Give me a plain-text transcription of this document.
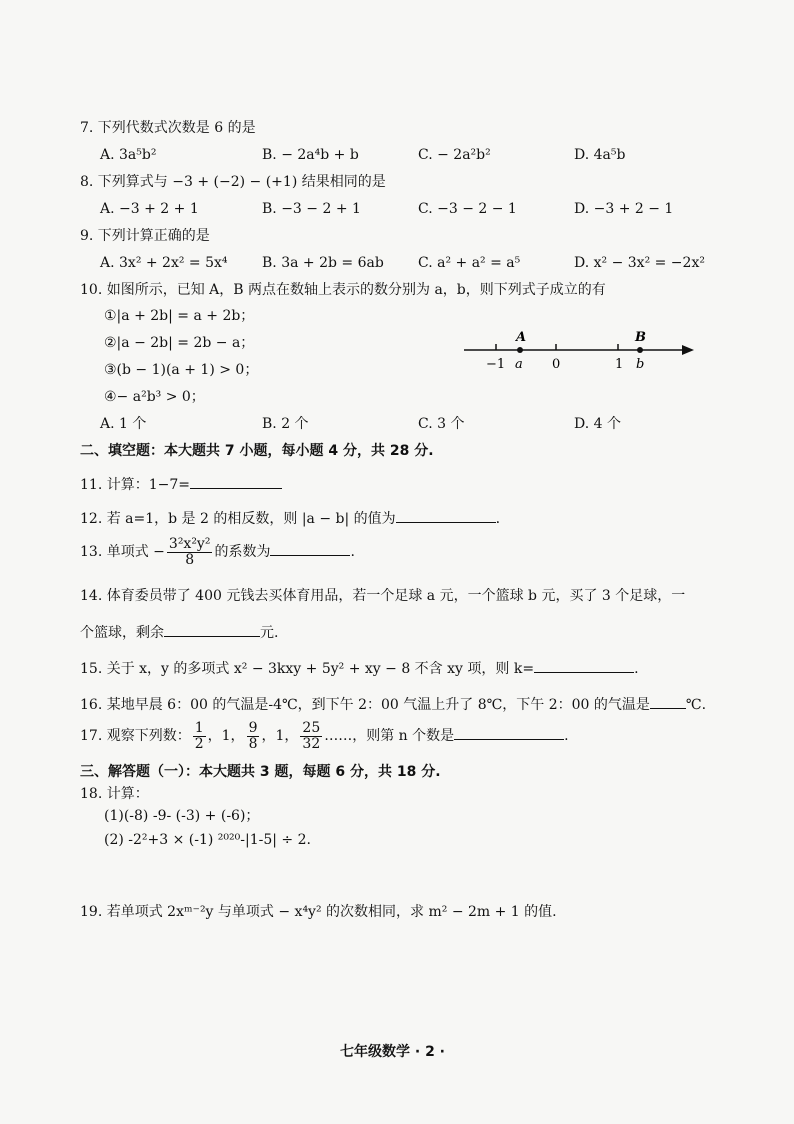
7. 下列代数式次数是 6 的是
A. 3a⁵b²	B. − 2a⁴b + b	C. − 2a²b²	D. 4a⁵b
8. 下列算式与 −3 + (−2) − (+1) 结果相同的是
A. −3 + 2 + 1	B. −3 − 2 + 1	C. −3 − 2 − 1	D. −3 + 2 − 1
9. 下列计算正确的是
A. 3x² + 2x² = 5x⁴ B. 3a + 2b = 6ab C. a² + a² = a⁵	D. x² − 3x² = −2x²
10. 如图所示，已知 A，B 两点在数轴上表示的数分别为 a，b，则下列式子成立的有
①|a + 2b| = a + 2b；
②|a − 2b| = 2b − a；
③(b − 1)(a + 1) > 0；
④− a²b³ > 0；
A	B
−1 a 0	1 b
A. 1 个	B. 2 个	C. 3 个	D. 4 个
二、填空题：本大题共 7 小题，每小题 4 分，共 28 分.
11. 计算：1−7=
12. 若 a=1，b 是 2 的相反数，则 |a − b| 的值为	.
13. 单项式 − $\frac{\text{3²x²y²}}{8}$ 的系数为	.
14. 体育委员带了 400 元钱去买体育用品，若一个足球 a 元，一个篮球 b 元，买了 3 个足球，一
个篮球，剩余	元.
15. 关于 x，y 的多项式 x² − 3kxy + 5y² + xy − 8 不含 xy 项，则 k=	.
16. 某地早晨 6：00 的气温是-4℃，到下午 2：00 气温上升了 8℃，下午 2：00 的气温是	℃.
17. 观察下列数： $\frac{1}{2}$ ，1， $\frac{9}{8}$ ，1， $\frac{25}{32}$ ……，则第 n 个数是	.
三、解答题（一）：本大题共 3 题，每题 6 分，共 18 分.
18. 计算：
(1)(-8) -9- (-3) + (-6)；
(2) -2²+3 × (-1) ²⁰²⁰-|1-5| ÷ 2.
19. 若单项式 2xᵐ⁻²y 与单项式 − x⁴y² 的次数相同，求 m² − 2m + 1 的值.
七年级数学 · 2 ·
